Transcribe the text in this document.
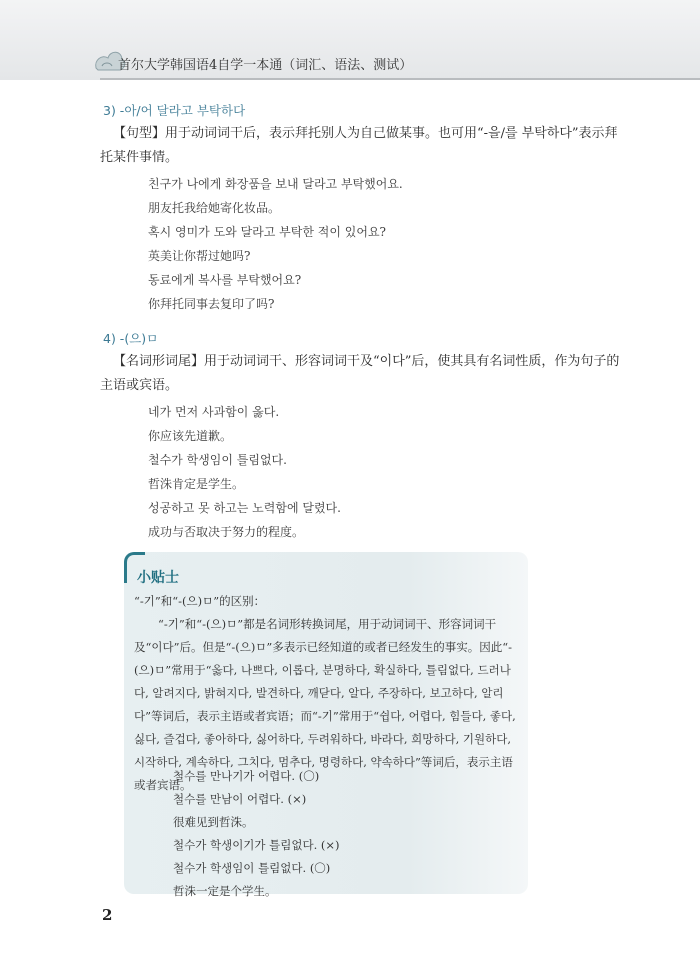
首尔大学韩国语4自学一本通（词汇、语法、测试）
3) -아/어 달라고 부탁하다
【句型】用于动词词干后，表示拜托别人为自己做某事。也可用“-을/를 부탁하다”表示拜托某件事情。
친구가 나에게 화장품을 보내 달라고 부탁했어요.
朋友托我给她寄化妆品。
혹시 영미가 도와 달라고 부탁한 적이 있어요?
英美让你帮过她吗?
동료에게 복사를 부탁했어요?
你拜托同事去复印了吗?
4) -(으)ㅁ
【名词形词尾】用于动词词干、形容词词干及“이다”后，使其具有名词性质，作为句子的主语或宾语。
네가 먼저 사과함이 옳다.
你应该先道歉。
철수가 학생임이 틀림없다.
哲洙肯定是学生。
성공하고 못 하고는 노력함에 달렸다.
成功与否取决于努力的程度。
小贴士
“-기”和“-(으)ㅁ”的区别：
“-기”和“-(으)ㅁ”都是名词形转换词尾，用于动词词干、形容词词干及“이다”后。但是“-(으)ㅁ”多表示已经知道的或者已经发生的事实。因此“-(으)ㅁ”常用于“옳다, 나쁘다, 이롭다, 분명하다, 확실하다, 틀림없다, 드러나다, 알려지다, 밝혀지다, 발견하다, 깨닫다, 알다, 주장하다, 보고하다, 알리다”等词后，表示主语或者宾语；而“-기”常用于“쉽다, 어렵다, 힘들다, 좋다, 싫다, 즐겁다, 좋아하다, 싫어하다, 두려워하다, 바라다, 희망하다, 기원하다, 시작하다, 계속하다, 그치다, 멈추다, 명령하다, 약속하다”等词后，表示主语或者宾语。
철수를 만나기가 어렵다. (〇)
철수를 만남이 어렵다. (×)
很难见到哲洙。
철수가 학생이기가 틀림없다. (×)
철수가 학생임이 틀림없다. (〇)
哲洙一定是个学生。
2
